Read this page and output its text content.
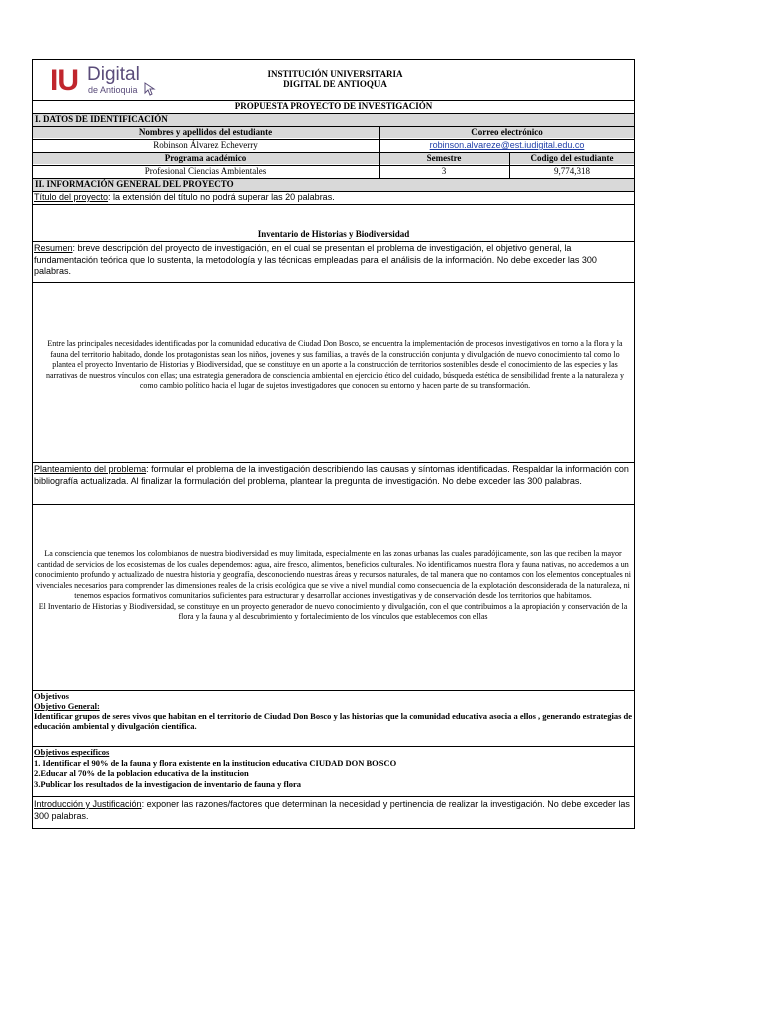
IU Digital
de Antioquia
INSTITUCIÓN UNIVERSITARIA
DIGITAL DE ANTIOQUA
PROPUESTA PROYECTO DE INVESTIGACIÓN
I. DATOS DE IDENTIFICACIÓN
Nombres y apellidos del estudiante	Correo electrónico
Robinson Álvarez Echeverry	robinson.alvareze@est.iudigital.edu.co
Programa académico	Semestre	Codigo del estudiante
Profesional Ciencias Ambientales	3	9,774,318
II. INFORMACIÓN GENERAL DEL PROYECTO
Título del proyecto: la extensión del título no podrá superar las 20 palabras.
Inventario de Historias y Biodiversidad
Resumen: breve descripción del proyecto de investigación, en el cual se presentan el problema de investigación, el objetivo general, la fundamentación teórica que lo sustenta, la metodología y las técnicas empleadas para el análisis de la información. No debe exceder las 300 palabras.
Entre las principales necesidades identificadas por la comunidad educativa de Ciudad Don Bosco, se encuentra la implementación de procesos investigativos en torno a la flora y la fauna del territorio habitado, donde los protagonistas sean los niños, jovenes y sus familias, a través de la construcción conjunta y divulgación de nuevo conocimiento tal como lo plantea el proyecto Inventario de Historias y Biodiversidad, que se constituye en un aporte a la construcción de territorios sostenibles desde el conocimiento de las especies y las narrativas de nuestros vínculos con ellas; una estrategia generadora de consciencia ambiental en ejercicio ético del cuidado, búsqueda estética de sensibilidad frente a la naturaleza y como cambio político hacia el lugar de sujetos investigadores que conocen su entorno y hacen parte de su transformación.
Planteamiento del problema: formular el problema de la investigación describiendo las causas y síntomas identificadas. Respaldar la información con bibliografía actualizada. Al finalizar la formulación del problema, plantear la pregunta de investigación. No debe exceder las 300 palabras.
La consciencia que tenemos los colombianos de nuestra biodiversidad es muy limitada, especialmente en las zonas urbanas las cuales paradójicamente, son las que reciben la mayor cantidad de servicios de los ecosistemas de los cuales dependemos: agua, aire fresco, alimentos, beneficios culturales. No identificamos nuestra flora y fauna nativas, no accedemos a un conocimiento profundo y actualizado de nuestra historia y geografía, desconociendo nuestras áreas y recursos naturales, de tal manera que no contamos con los elementos conceptuales ni vivenciales necesarios para comprender las dimensiones reales de la crisis ecológica que se vive a nivel mundial como consecuencia de la explotación desconsiderada de la naturaleza, ni tenemos espacios formativos comunitarios suficientes para estructurar y desarrollar acciones investigativas y de conservación desde los territorios que habitamos.
El Inventario de Historias y Biodiversidad, se constituye en un proyecto generador de nuevo conocimiento y divulgación, con el que contribuimos a la apropiación y conservación de la flora y la fauna y al descubrimiento y fortalecimiento de los vínculos que establecemos con ellas
Objetivos
Objetivo General:
Identificar grupos de seres vivos que habitan en el territorio de Ciudad Don Bosco y las historias que la comunidad educativa asocia a ellos , generando estrategias de educación ambiental y divulgación científica.
Objetivos específicos
1. Identificar el 90% de la fauna y flora existente en la institucion educativa CIUDAD DON BOSCO
2.Educar al 70% de la poblacion educativa de la institucion
3.Publicar los resultados de la investigacion de inventario de fauna y flora
Introducción y Justificación: exponer las razones/factores que determinan la necesidad y pertinencia de realizar la investigación. No debe exceder las 300 palabras.
